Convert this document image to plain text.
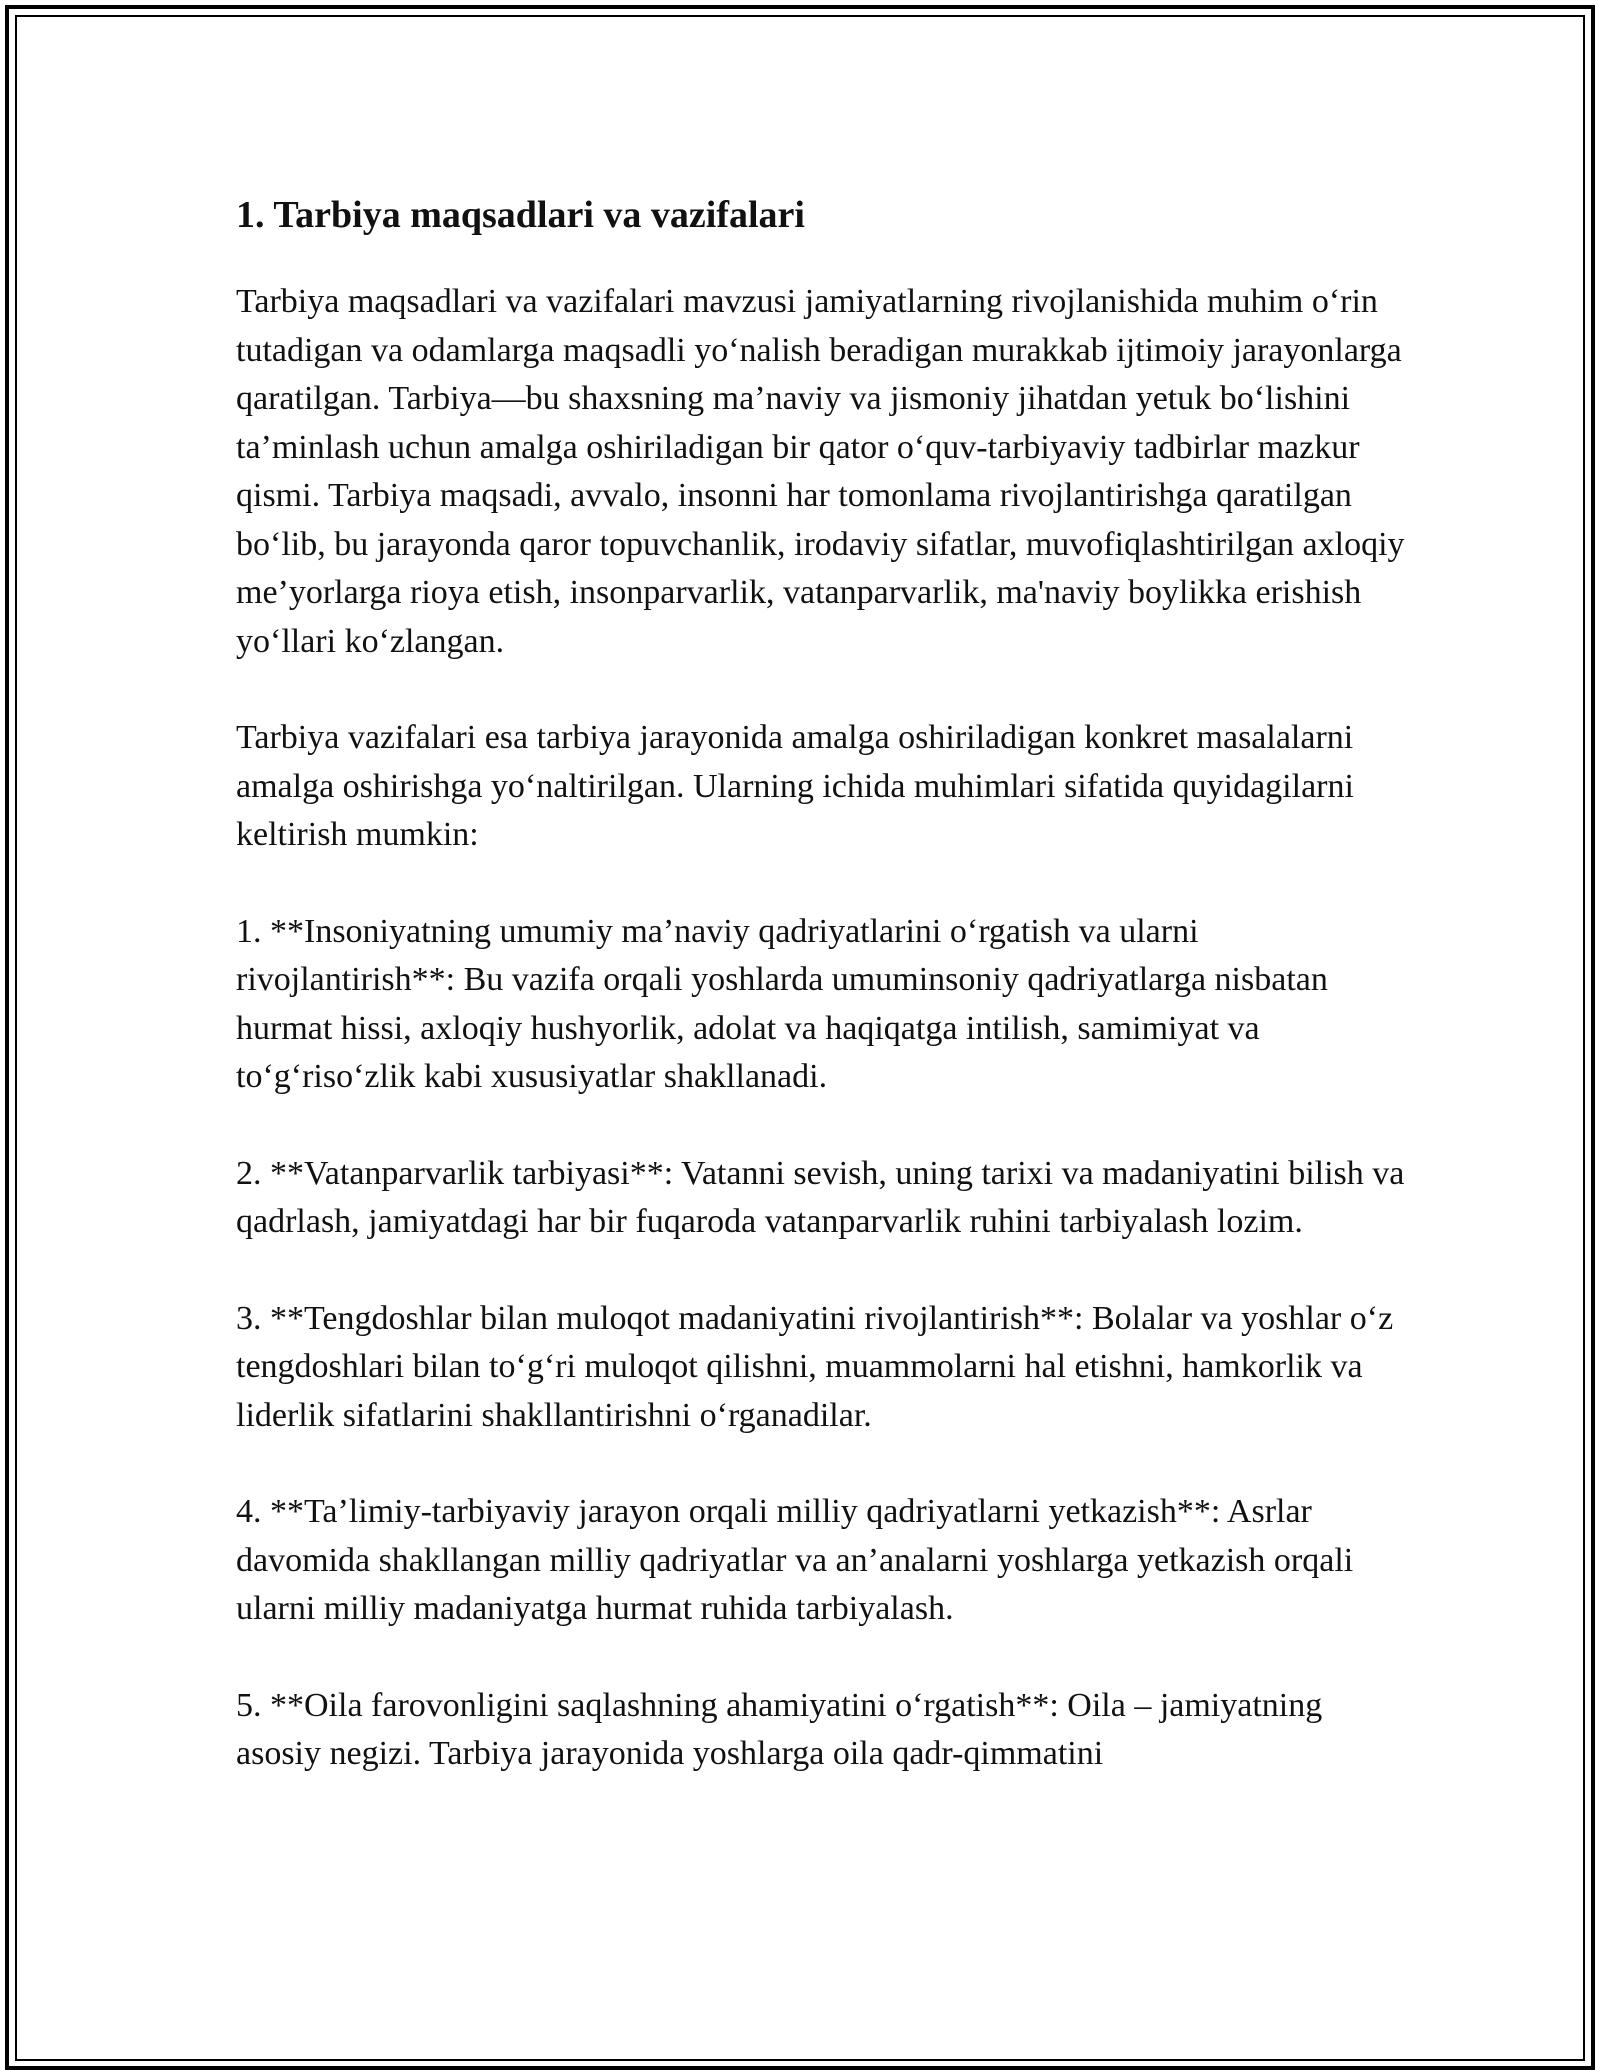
1. Tarbiya maqsadlari va vazifalari

Tarbiya maqsadlari va vazifalari mavzusi jamiyatlarning rivojlanishida muhim o‘rin tutadigan va odamlarga maqsadli yo‘nalish beradigan murakkab ijtimoiy jarayonlarga qaratilgan. Tarbiya—bu shaxsning ma’naviy va jismoniy jihatdan yetuk bo‘lishini ta’minlash uchun amalga oshiriladigan bir qator o‘quv-tarbiyaviy tadbirlar mazkur qismi. Tarbiya maqsadi, avvalo, insonni har tomonlama rivojlantirishga qaratilgan bo‘lib, bu jarayonda qaror topuvchanlik, irodaviy sifatlar, muvofiqlashtirilgan axloqiy me’yorlarga rioya etish, insonparvarlik, vatanparvarlik, ma'naviy boylikka erishish yo‘llari ko‘zlangan.

Tarbiya vazifalari esa tarbiya jarayonida amalga oshiriladigan konkret masalalarni amalga oshirishga yo‘naltirilgan. Ularning ichida muhimlari sifatida quyidagilarni keltirish mumkin:

1. **Insoniyatning umumiy ma’naviy qadriyatlarini o‘rgatish va ularni rivojlantirish**: Bu vazifa orqali yoshlarda umuminsoniy qadriyatlarga nisbatan hurmat hissi, axloqiy hushyorlik, adolat va haqiqatga intilish, samimiyat va to‘g‘riso‘zlik kabi xususiyatlar shakllanadi.

2. **Vatanparvarlik tarbiyasi**: Vatanni sevish, uning tarixi va madaniyatini bilish va qadrlash, jamiyatdagi har bir fuqaroda vatanparvarlik ruhini tarbiyalash lozim.

3. **Tengdoshlar bilan muloqot madaniyatini rivojlantirish**: Bolalar va yoshlar o‘z tengdoshlari bilan to‘g‘ri muloqot qilishni, muammolarni hal etishni, hamkorlik va liderlik sifatlarini shakllantirishni o‘rganadilar.

4. **Ta’limiy-tarbiyaviy jarayon orqali milliy qadriyatlarni yetkazish**: Asrlar davomida shakllangan milliy qadriyatlar va an’analarni yoshlarga yetkazish orqali ularni milliy madaniyatga hurmat ruhida tarbiyalash.

5. **Oila farovonligini saqlashning ahamiyatini o‘rgatish**: Oila – jamiyatning asosiy negizi. Tarbiya jarayonida yoshlarga oila qadr-qimmatini
